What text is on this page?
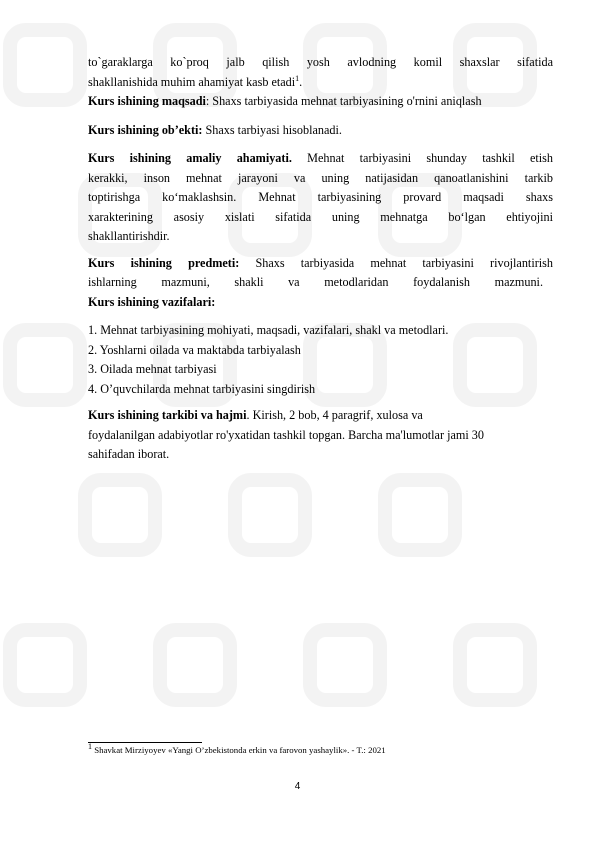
to`garaklarga ko`proq jalb qilish yosh avlodning komil shaxslar sifatida

shakllanishida muhim ahamiyat kasb etadi$^1$.

Kurs ishining maqsadi: Shaxs tarbiyasida mehnat tarbiyasining o'rnini aniqlash

Kurs ishining ob’ekti: Shaxs tarbiyasi hisoblanadi.

Kurs ishining amaliy ahamiyati. Mehnat tarbiyasini shunday tashkil etish

kerakki, inson mehnat jarayoni va uning natijasidan qanoatlanishini tarkib

toptirishga ko‘maklashsin. Mehnat tarbiyasining provard maqsadi shaxs

xarakterining asosiy xislati sifatida uning mehnatga bo‘lgan ehtiyojini

shakllantirishdir.

Kurs ishining predmeti: Shaxs tarbiyasida mehnat tarbiyasini rivojlantirish

ishlarning mazmuni, shakli va metodlaridan foydalanish mazmuni.

Kurs ishining vazifalari:

1. Mehnat tarbiyasining mohiyati, maqsadi, vazifalari, shakl va metodlari.

2. Yoshlarni oilada va maktabda tarbiyalash

3. Oilada mehnat tarbiyasi

4. O’quvchilarda mehnat tarbiyasini singdirish

Kurs ishining tarkibi va hajmi. Kirish, 2 bob, 4 paragrif, xulosa va

foydalanilgan adabiyotlar ro'yxatidan tashkil topgan. Barcha ma'lumotlar jami 30

sahifadan iborat.

$^1$ Shavkat Mirziyoyev «Yangi O’zbekistonda erkin va farovon yashaylik». - T.: 2021
4
